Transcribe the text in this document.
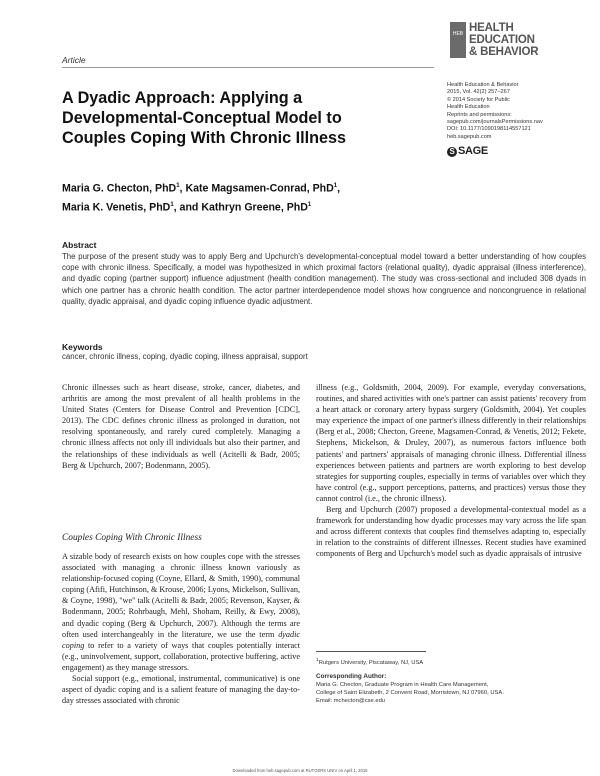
HEB HEALTH
EDUCATION
& BEHAVIOR
Article
A Dyadic Approach: Applying a Developmental-Conceptual Model to Couples Coping With Chronic Illness
Health Education & Behavior
2015, Vol. 42(2) 257–267
© 2014 Society for Public
Health Education
Reprints and permissions:
sagepub.com/journalsPermissions.nav
DOI: 10.1177/1090198114557121
heb.sagepub.com
S SAGE
Maria G. Checton, PhD$^1$, Kate Magsamen-Conrad, PhD$^1$,
Maria K. Venetis, PhD$^1$, and Kathryn Greene, PhD$^1$
Abstract
The purpose of the present study was to apply Berg and Upchurch's developmental-conceptual model toward a better understanding of how couples cope with chronic illness. Specifically, a model was hypothesized in which proximal factors (relational quality), dyadic appraisal (illness interference), and dyadic coping (partner support) influence adjustment (health condition management). The study was cross-sectional and included 308 dyads in which one partner has a chronic health condition. The actor partner interdependence model shows how congruence and noncongruence in relational quality, dyadic appraisal, and dyadic coping influence dyadic adjustment.
Keywords
cancer, chronic illness, coping, dyadic coping, illness appraisal, support

Chronic illnesses such as heart disease, stroke, cancer, diabetes, and arthritis are among the most prevalent of all health problems in the United States (Centers for Disease Control and Prevention [CDC], 2013). The CDC defines chronic illness as prolonged in duration, not resolving spontaneously, and rarely cured completely. Managing a chronic illness affects not only ill individuals but also their partner, and the relationships of these individuals as well (Acitelli & Badr, 2005; Berg & Upchurch, 2007; Bodenmann, 2005).

Couples Coping With Chronic Illness

A sizable body of research exists on how couples cope with the stresses associated with managing a chronic illness known variously as relationship-focused coping (Coyne, Ellard, & Smith, 1990), communal coping (Afifi, Hutchinson, & Krouse, 2006; Lyons, Mickelson, Sullivan, & Coyne, 1998), "we" talk (Acitelli & Badr, 2005; Revenson, Kayser, & Bodenmann, 2005; Rohrbaugh, Mehl, Shoham, Reilly, & Ewy, 2008), and dyadic coping (Berg & Upchurch, 2007). Although the terms are often used interchangeably in the literature, we use the term dyadic coping to refer to a variety of ways that couples potentially interact (e.g., uninvolvement, support, collaboration, protective buffering, active engagement) as they manage stressors.

Social support (e.g., emotional, instrumental, communicative) is one aspect of dyadic coping and is a salient feature of managing the day-to-day stresses associated with chronic

illness (e.g., Goldsmith, 2004, 2009). For example, everyday conversations, routines, and shared activities with one's partner can assist patients' recovery from a heart attack or coronary artery bypass surgery (Goldsmith, 2004). Yet couples may experience the impact of one partner's illness differently in their relationships (Berg et al., 2008; Checton, Greene, Magsamen-Conrad, & Venetis, 2012; Fekete, Stephens, Mickelson, & Druley, 2007), as numerous factors influence both patients' and partners' appraisals of managing chronic illness. Differential illness experiences between patients and partners are worth exploring to best develop strategies for supporting couples, especially in terms of variables over which they have control (e.g., support perceptions, patterns, and practices) versus those they cannot control (i.e., the chronic illness).

Berg and Upchurch (2007) proposed a developmental-contextual model as a framework for understanding how dyadic processes may vary across the life span and across different contexts that couples find themselves adapting to, especially in relation to the constraints of different illnesses. Recent studies have examined components of Berg and Upchurch's model such as dyadic appraisals of intrusive

$^1$Rutgers University, Piscataway, NJ, USA
Corresponding Author:
Maria G. Checton, Graduate Program in Health Care Management,
College of Saint Elizabeth, 2 Convent Road, Morristown, NJ 07960, USA.
Email: mchecton@cse.edu
Downloaded from heb.sagepub.com at RUTGERS UNIV on April 1, 2015
